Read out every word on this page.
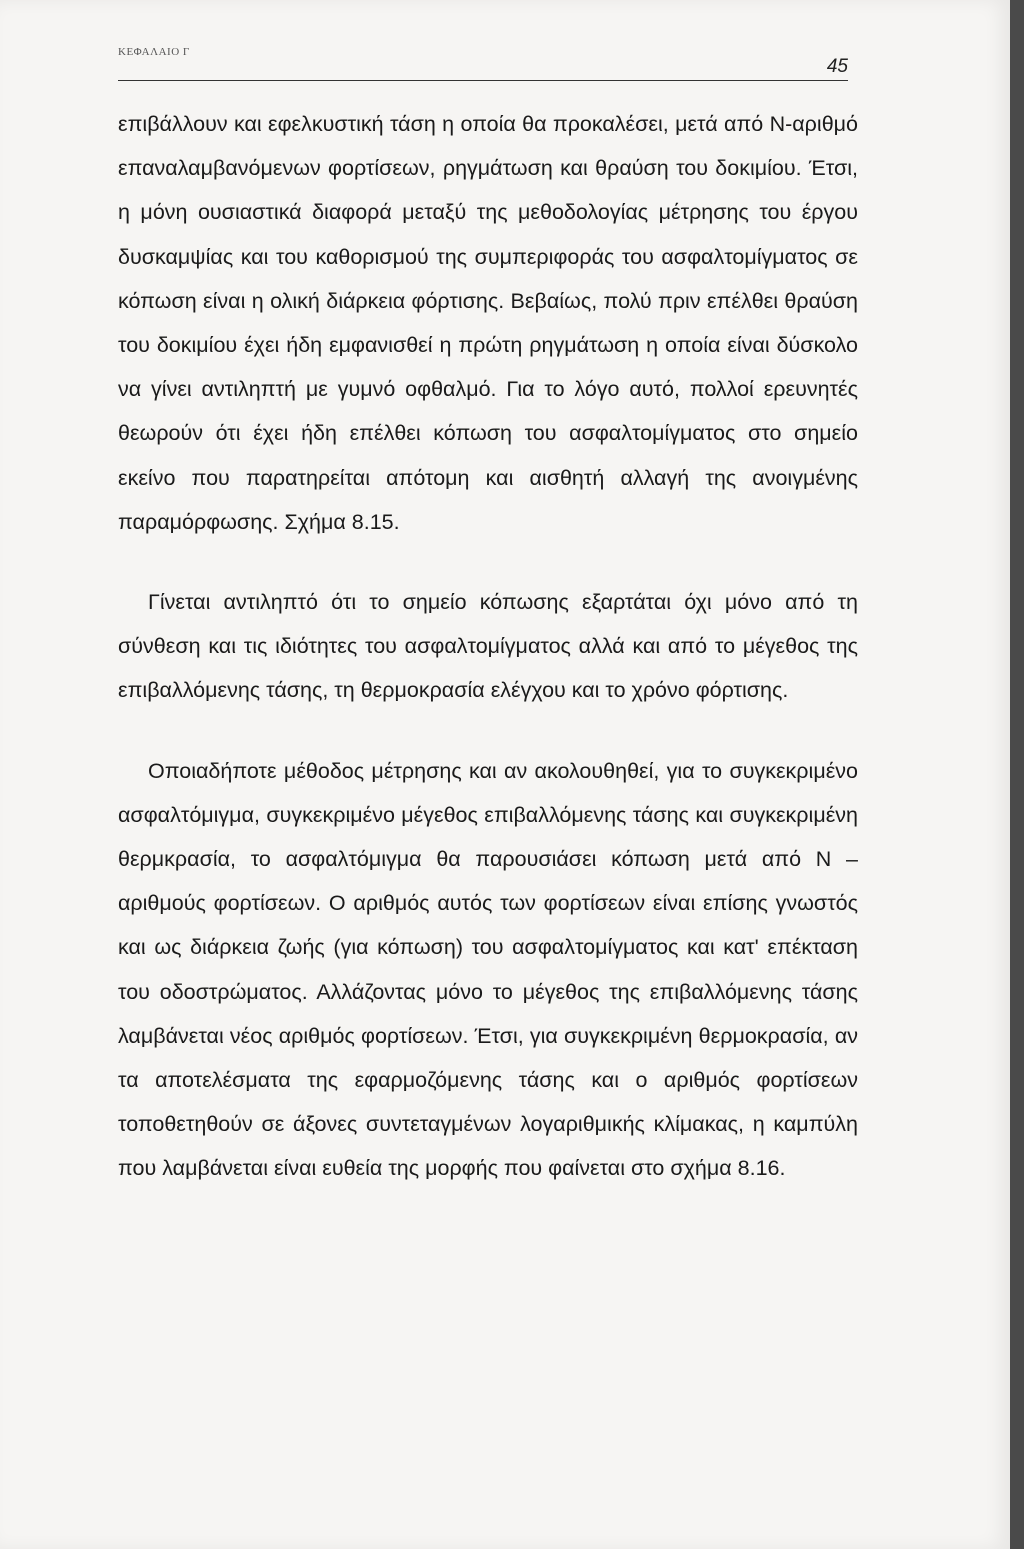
ΚΕΦΑΛΑΙΟ Γ
45

επιβάλλουν και εφελκυστική τάση η οποία θα προκαλέσει, μετά από Ν-αριθμό επαναλαμβανόμενων φορτίσεων, ρηγμάτωση και θραύση του δοκιμίου. Έτσι, η μόνη ουσιαστικά διαφορά μεταξύ της μεθοδολογίας μέτρησης του έργου δυσκαμψίας και του καθορισμού της συμπεριφοράς του ασφαλτομίγματος σε κόπωση είναι η ολική διάρκεια φόρτισης. Βεβαίως, πολύ πριν επέλθει θραύση του δοκιμίου έχει ήδη εμφανισθεί η πρώτη ρηγμάτωση η οποία είναι δύσκολο να γίνει αντιληπτή με γυμνό οφθαλμό. Για το λόγο αυτό, πολλοί ερευνητές θεωρούν ότι έχει ήδη επέλθει κόπωση του ασφαλτομίγματος στο σημείο εκείνο που παρατηρείται απότομη και αισθητή αλλαγή της ανοιγμένης παραμόρφωσης. Σχήμα 8.15.

Γίνεται αντιληπτό ότι το σημείο κόπωσης εξαρτάται όχι μόνο από τη σύνθεση και τις ιδιότητες του ασφαλτομίγματος αλλά και από το μέγεθος της επιβαλλόμενης τάσης, τη θερμοκρασία ελέγχου και το χρόνο φόρτισης.

Οποιαδήποτε μέθοδος μέτρησης και αν ακολουθηθεί, για το συγκεκριμένο ασφαλτόμιγμα, συγκεκριμένο μέγεθος επιβαλλόμενης τάσης και συγκεκριμένη θερμκρασία, το ασφαλτόμιγμα θα παρουσιάσει κόπωση μετά από Ν – αριθμούς φορτίσεων. Ο αριθμός αυτός των φορτίσεων είναι επίσης γνωστός και ως διάρκεια ζωής (για κόπωση) του ασφαλτομίγματος και κατ' επέκταση του οδοστρώματος. Αλλάζοντας μόνο το μέγεθος της επιβαλλόμενης τάσης λαμβάνεται νέος αριθμός φορτίσεων. Έτσι, για συγκεκριμένη θερμοκρασία, αν τα αποτελέσματα της εφαρμοζόμενης τάσης και ο αριθμός φορτίσεων τοποθετηθούν σε άξονες συντεταγμένων λογαριθμικής κλίμακας, η καμπύλη που λαμβάνεται είναι ευθεία της μορφής που φαίνεται στο σχήμα 8.16.
